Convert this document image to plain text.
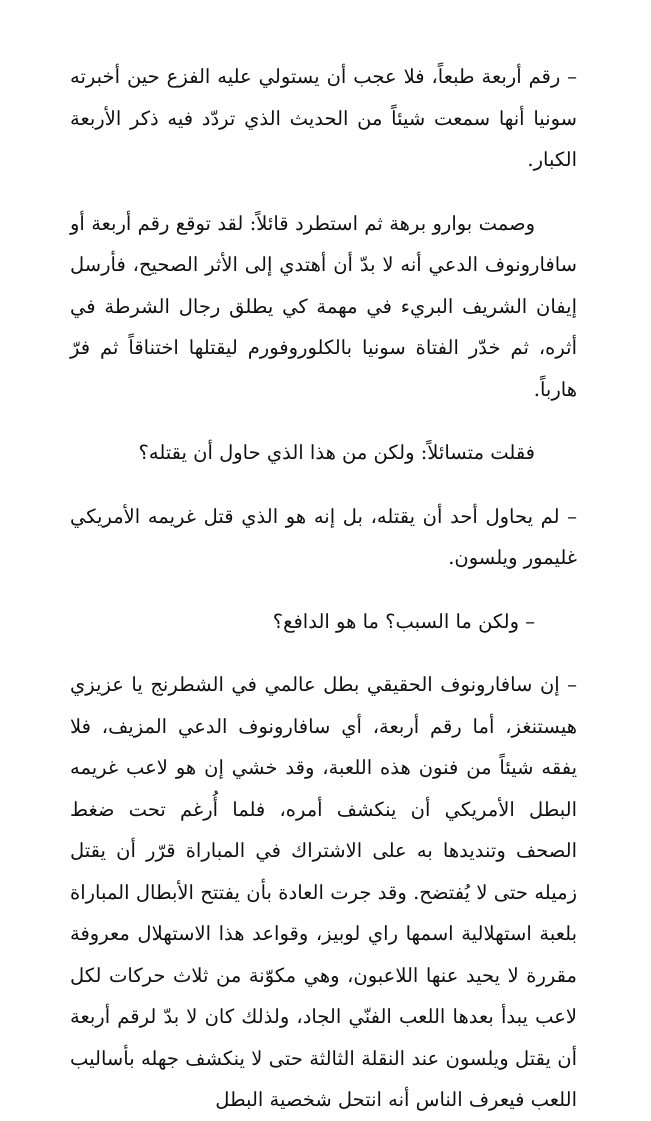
– رقم أربعة طبعاً، فلا عجب أن يستولي عليه الفزع حين أخبرته سونيا أنها سمعت شيئاً من الحديث الذي تردّد فيه ذكر الأربعة الكبار.

وصمت بوارو برهة ثم استطرد قائلاً: لقد توقع رقم أربعة أو سافارونوف الدعي أنه لا بدّ أن أهتدي إلى الأثر الصحيح، فأرسل إيفان الشريف البريء في مهمة كي يطلق رجال الشرطة في أثره، ثم خدّر الفتاة سونيا بالكلوروفورم ليقتلها اختناقاً ثم فرّ هارباً.

فقلت متسائلاً: ولكن من هذا الذي حاول أن يقتله؟

– لم يحاول أحد أن يقتله، بل إنه هو الذي قتل غريمه الأمريكي غليمور ويلسون.

– ولكن ما السبب؟ ما هو الدافع؟

– إن سافارونوف الحقيقي بطل عالمي في الشطرنج يا عزيزي هيستنغز، أما رقم أربعة، أي سافارونوف الدعي المزيف، فلا يفقه شيئاً من فنون هذه اللعبة، وقد خشي إن هو لاعب غريمه البطل الأمريكي أن ينكشف أمره، فلما أُرغم تحت ضغط الصحف وتنديدها به على الاشتراك في المباراة قرّر أن يقتل زميله حتى لا يُفتضح. وقد جرت العادة بأن يفتتح الأبطال المباراة بلعبة استهلالية اسمها راي لوبيز، وقواعد هذا الاستهلال معروفة مقررة لا يحيد عنها اللاعبون، وهي مكوّنة من ثلاث حركات لكل لاعب يبدأ بعدها اللعب الفنّي الجاد، ولذلك كان لا بدّ لرقم أربعة أن يقتل ويلسون عند النقلة الثالثة حتى لا ينكشف جهله بأساليب اللعب فيعرف الناس أنه انتحل شخصية البطل
